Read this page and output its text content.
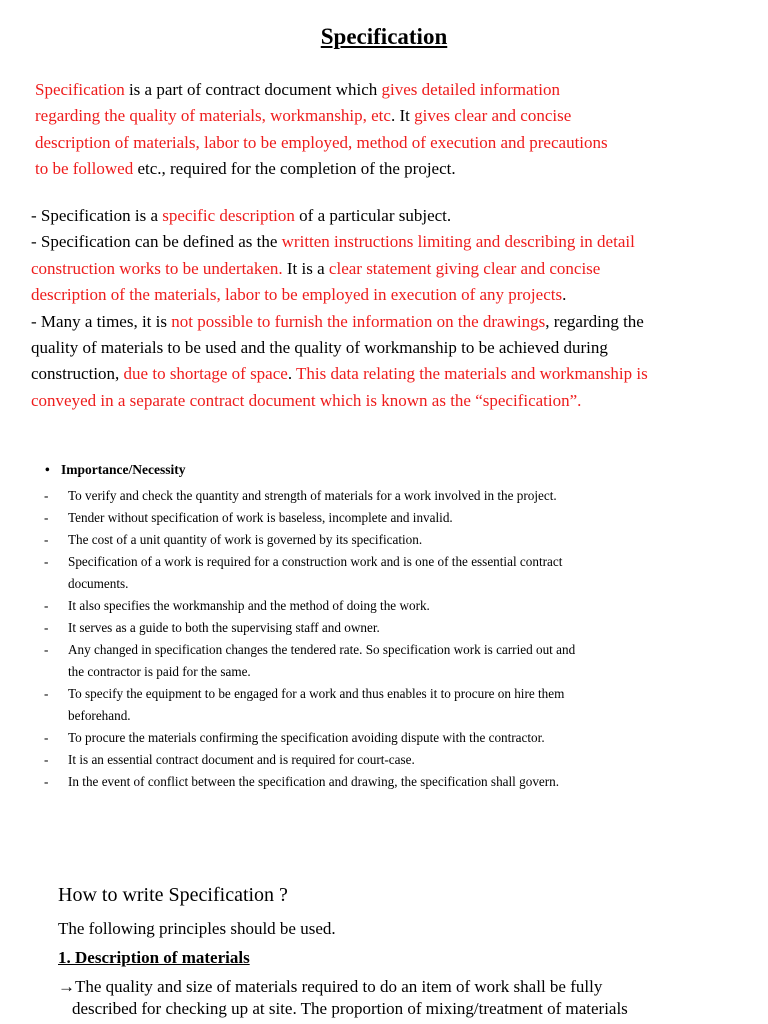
Specification
Specification is a part of contract document which gives detailed information
regarding the quality of materials, workmanship, etc. It gives clear and concise
description of materials, labor to be employed, method of execution and precautions
to be followed etc., required for the completion of the project.
- Specification is a specific description of a particular subject.
- Specification can be defined as the written instructions limiting and describing in detail
construction works to be undertaken. It is a clear statement giving clear and concise
description of the materials, labor to be employed in execution of any projects.
- Many a times, it is not possible to furnish the information on the drawings, regarding the
quality of materials to be used and the quality of workmanship to be achieved during
construction, due to shortage of space. This data relating the materials and workmanship is
conveyed in a separate contract document which is known as the “specification”.
• Importance/Necessity
- To verify and check the quantity and strength of materials for a work involved in the project.
- Tender without specification of work is baseless, incomplete and invalid.
- The cost of a unit quantity of work is governed by its specification.
- Specification of a work is required for a construction work and is one of the essential contract
documents.
- It also specifies the workmanship and the method of doing the work.
- It serves as a guide to both the supervising staff and owner.
- Any changed in specification changes the tendered rate. So specification work is carried out and
the contractor is paid for the same.
- To specify the equipment to be engaged for a work and thus enables it to procure on hire them
beforehand.
- To procure the materials confirming the specification avoiding dispute with the contractor.
- It is an essential contract document and is required for court-case.
- In the event of conflict between the specification and drawing, the specification shall govern.
How to write Specification ?
The following principles should be used.
1. Description of materials
→The quality and size of materials required to do an item of work shall be fully
described for checking up at site. The proportion of mixing/treatment of materials
